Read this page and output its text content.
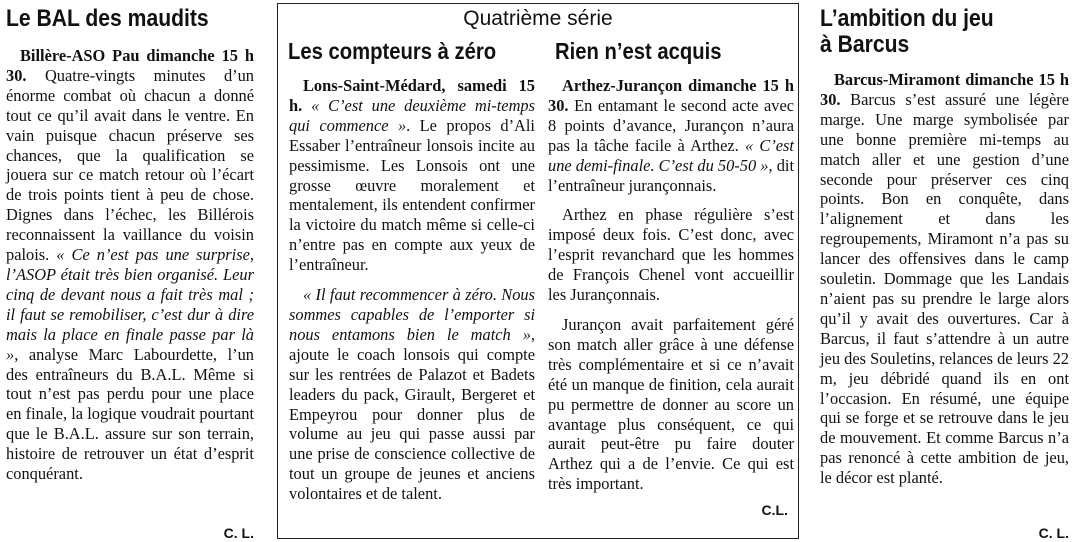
Le BAL des maudits

Billère-ASO Pau dimanche 15 h 30. Quatre-vingts minutes d’un énorme combat où chacun a donné tout ce qu’il avait dans le ventre. En vain puisque chacun préserve ses chances, que la qualification se jouera sur ce match retour où l’écart de trois points tient à peu de chose. Dignes dans l’échec, les Billérois reconnaissent la vaillance du voisin palois. « Ce n’est pas une surprise, l’ASOP était très bien organisé. Leur cinq de devant nous a fait très mal ; il faut se remobiliser, c’est dur à dire mais la place en finale passe par là », analyse Marc Labourdette, l’un des entraîneurs du B.A.L. Même si tout n’est pas perdu pour une place en finale, la logique voudrait pourtant que le B.A.L. assure sur son terrain, histoire de retrouver un état d’esprit conquérant.

C. L.
Quatrième série
Les compteurs à zéro	Rien n’est acquis

Lons-Saint-Médard, samedi 15 h. « C’est une deuxième mi-temps qui commence ». Le propos d’Ali Essaber l’entraîneur lonsois incite au pessimisme. Les Lonsois ont une grosse œuvre moralement et mentalement, ils entendent confirmer la victoire du match même si celle-ci n’entre pas en compte aux yeux de l’entraîneur.

« Il faut recommencer à zéro. Nous sommes capables de l’emporter si nous entamons bien le match », ajoute le coach lonsois qui compte sur les rentrées de Palazot et Badets leaders du pack, Girault, Bergeret et Empeyrou pour donner plus de volume au jeu qui passe aussi par une prise de conscience collective de tout un groupe de jeunes et anciens volontaires et de talent.

Arthez-Jurançon dimanche 15 h 30. En entamant le second acte avec 8 points d’avance, Jurançon n’aura pas la tâche facile à Arthez. « C’est une demi-finale. C’est du 50-50 », dit l’entraîneur jurançonnais.

Arthez en phase régulière s’est imposé deux fois. C’est donc, avec l’esprit revanchard que les hommes de François Chenel vont accueillir les Jurançonnais.

Jurançon avait parfaitement géré son match aller grâce à une défense très complémentaire et si ce n’avait été un manque de finition, cela aurait pu permettre de donner au score un avantage plus conséquent, ce qui aurait peut-être pu faire douter Arthez qui a de l’envie. Ce qui est très important.

C.L.
L’ambition du jeu
à Barcus

Barcus-Miramont dimanche 15 h 30. Barcus s’est assuré une légère marge. Une marge symbolisée par une bonne première mi-temps au match aller et une gestion d’une seconde pour préserver ces cinq points. Bon en conquête, dans l’alignement et dans les regroupements, Miramont n’a pas su lancer des offensives dans le camp souletin. Dommage que les Landais n’aient pas su prendre le large alors qu’il y avait des ouvertures. Car à Barcus, il faut s’attendre à un autre jeu des Souletins, relances de leurs 22 m, jeu débridé quand ils en ont l’occasion. En résumé, une équipe qui se forge et se retrouve dans le jeu de mouvement. Et comme Barcus n’a pas renoncé à cette ambition de jeu, le décor est planté.

C. L.
